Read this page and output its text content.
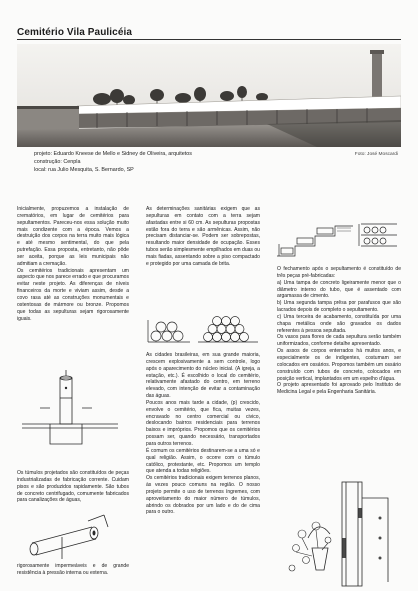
Cemitério Vila Paulicéia
projeto: Eduardo Kneese de Mello e Sidney de Oliveira, arquitetos
construção: Cenpla
local: rua Julio Mesquita, S. Bernardo, SP
Foto: José Moscardi

Inicialmente, propuzemos a instalação de crematórios, em lugar de cemitérios para sepultamentos. Pareceu-nos essa solução muito mais condizente com a época. Vemos a destruição dos corpos na terra muito mais lógica e até mesmo sentimental, do que pela putrefação. Essa proposta, entretanto, não pôde ser aceita, porque as leis municipais não admitiam a cremação.

Os cemitérios tradicionais apresentam um aspecto que nos parece errado e que procuramos evitar neste projeto. As diferenças de níveis financeiros da morte e viviam assim, desde a covo rasa até as construções monumentais e ostentosas de mármore ou bronze. Propomos que todas as sepulturas sejam rigorosamente iguais.

Os túmulos projetados são constituídos de peças industrializadas de fabricação corrente. Cuidam pisos e são produzidos rapidamente. São tubos de concreto centrifugado, comumente fabricados para canalizações de águas,

rigorosamente impermeáveis e de grande resistência à pressão interna ou externa.

As determinações sanitárias exigem que as sepulturas em contato com a terra sejam afastadas entre si 60 cm. As sepulturas propostas estão fora do terra e são armênicas. Assim, não precisam distanciar-se. Podem ser sobrepostas, resultando maior densidade de ocupação. Esses tubos serão simplesmente empilhados em duas ou mais fiadas, assentando sobre a piso compactado e protegido por uma camada de brita.

As cidades brasileiras, em sua grande maioria, crescem explosivamente a sem controle, logo após o aparecimento do núcleo inicial. (A igreja, a estação, etc.). É escolhido o local do cemitério, relativamente afastado do centro, em terreno elevado, com intenção de evitar a contaminação das águas.

Poucos anos mais tarde a cidade, (p) crescido, envolve o cemitério, que fica, muitas vezes, encravado no centro comercial ou civico, deslocando bairros residenciais para terrenos baixos e impróprios. Propomos que os cemitérios possam ser, quando necessário, transportados para outros terrenos.

É comum os cemitérios destinarem-se a uma só e qual religião. Assim, o ocorre com o túmulo católico, protestante, etc. Propomos um templo que atenda a todas religiões.

Os cemitérios tradicionais exigem terrenos planos, às vezes pouco comuns na região. O nosso projeto permite o uso de terrenos íngremes, com aproveitamento do maior número de túmulos, abrindo os dobrados por um lado e do de cima para o outro.

O fechamento após o sepultamento é constituído de três peças pré-fabricadas:

a) Uma tampa de concreto ligeiramente menor que o diâmetro interno do tubo, que é assentado com argamassa de cimento.

b) Uma segunda tampa prêsa por parafusos que são lacrados depois de completo o sepultamento.

c) Uma terceira de acabamento, constituída por uma chapa metálica onde são gravados os dados referentes à pessoa sepultada.

Os vasos para flores de cada sepultura serão também uniformizados, conforme detalhe apresentado.

Os assos de corpos enterrados há muitos anos, e especialmente os de indigentes, costumam ser colocados em ossários. Propomos também um ossário construído com tubos de concreto, colocados em posição vertical, implantados em um espelho d'água.

O projeto apresentado foi aprovado pelo Instituto de Medicina Legal e pela Engenharia Sanitária.
